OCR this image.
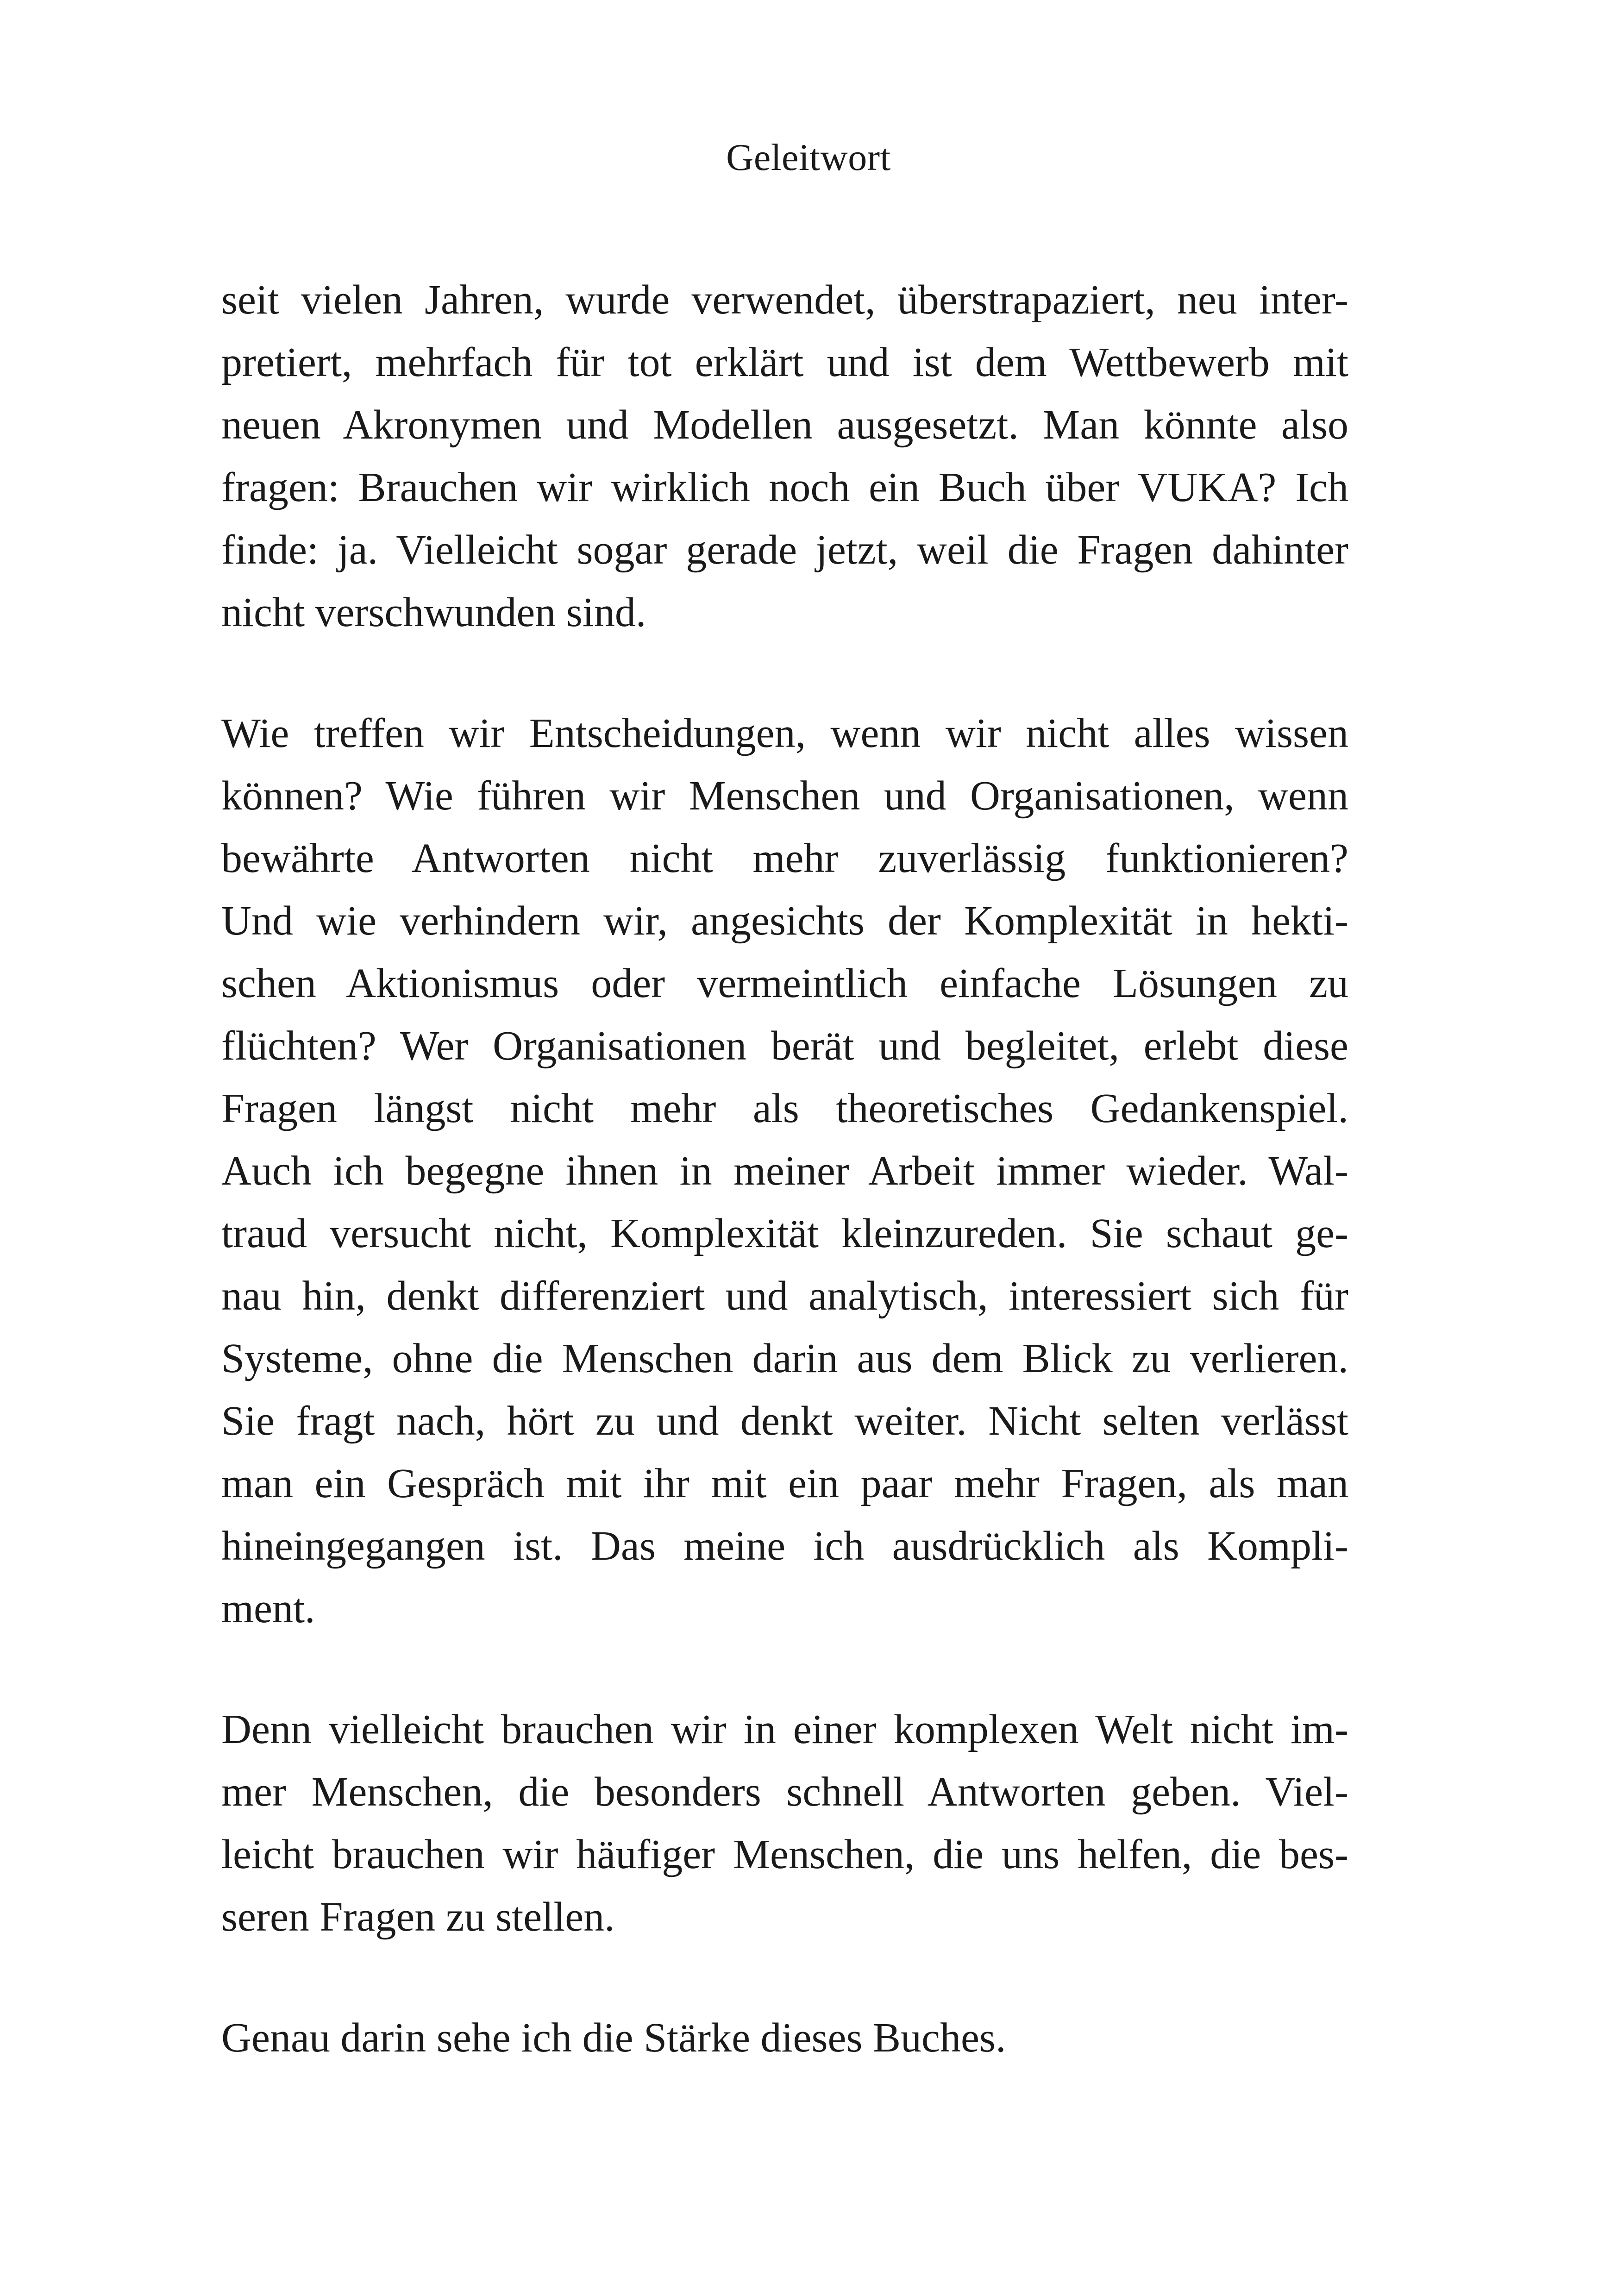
Geleitwort
seit vielen Jahren, wurde verwendet, überstrapaziert, neu inter-
pretiert, mehrfach für tot erklärt und ist dem Wettbewerb mit
neuen Akronymen und Modellen ausgesetzt. Man könnte also
fragen: Brauchen wir wirklich noch ein Buch über VUKA? Ich
finde: ja. Vielleicht sogar gerade jetzt, weil die Fragen dahinter
nicht verschwunden sind.
Wie treffen wir Entscheidungen, wenn wir nicht alles wissen
können? Wie führen wir Menschen und Organisationen, wenn
bewährte Antworten nicht mehr zuverlässig funktionieren?
Und wie verhindern wir, angesichts der Komplexität in hekti-
schen Aktionismus oder vermeintlich einfache Lösungen zu
flüchten? Wer Organisationen berät und begleitet, erlebt diese
Fragen längst nicht mehr als theoretisches Gedankenspiel.
Auch ich begegne ihnen in meiner Arbeit immer wieder. Wal-
traud versucht nicht, Komplexität kleinzureden. Sie schaut ge-
nau hin, denkt differenziert und analytisch, interessiert sich für
Systeme, ohne die Menschen darin aus dem Blick zu verlieren.
Sie fragt nach, hört zu und denkt weiter. Nicht selten verlässt
man ein Gespräch mit ihr mit ein paar mehr Fragen, als man
hineingegangen ist. Das meine ich ausdrücklich als Kompli-
ment.
Denn vielleicht brauchen wir in einer komplexen Welt nicht im-
mer Menschen, die besonders schnell Antworten geben. Viel-
leicht brauchen wir häufiger Menschen, die uns helfen, die bes-
seren Fragen zu stellen.
Genau darin sehe ich die Stärke dieses Buches.
